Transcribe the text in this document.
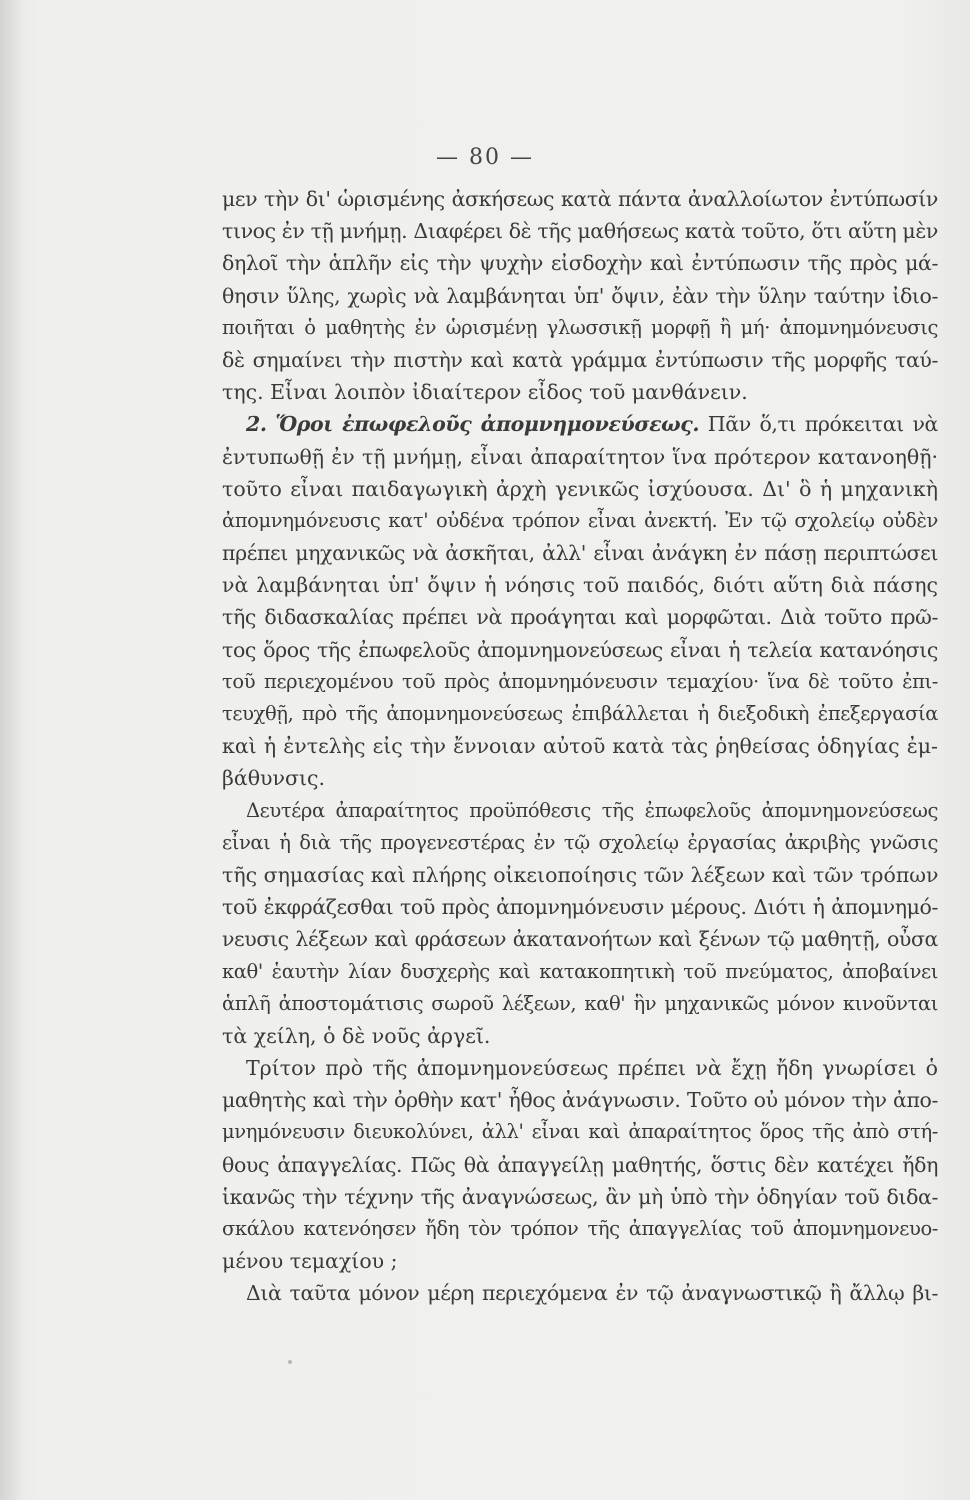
— 80 —
μεν τὴν δι' ὡρισμένης ἀσκήσεως κατὰ πάντα ἀναλλοίωτον ἐντύπωσίν
τινος ἐν τῇ μνήμῃ. Διαφέρει δὲ τῆς μαθήσεως κατὰ τοῦτο, ὅτι αὕτη μὲν
δηλοῖ τὴν ἁπλῆν εἰς τὴν ψυχὴν εἰσδοχὴν καὶ ἐντύπωσιν τῆς πρὸς μά-
θησιν ὕλης, χωρὶς νὰ λαμβάνηται ὑπ' ὄψιν, ἐὰν τὴν ὕλην ταύτην ἰδιο-
ποιῆται ὁ μαθητὴς ἐν ὡρισμένῃ γλωσσικῇ μορφῇ ἢ μή· ἀπομνημόνευσις
δὲ σημαίνει τὴν πιστὴν καὶ κατὰ γράμμα ἐντύπωσιν τῆς μορφῆς ταύ-
της. Εἶναι λοιπὸν ἰδιαίτερον εἶδος τοῦ μανθάνειν.
2. Ὅροι ἐπωφελοῦς ἀπομνημονεύσεως. Πᾶν ὅ,τι πρόκειται νὰ
ἐντυπωθῇ ἐν τῇ μνήμῃ, εἶναι ἀπαραίτητον ἵνα πρότερον κατανοηθῇ·
τοῦτο εἶναι παιδαγωγικὴ ἀρχὴ γενικῶς ἰσχύουσα. Δι' ὃ ἡ μηχανικὴ
ἀπομνημόνευσις κατ' οὐδένα τρόπον εἶναι ἀνεκτή. Ἐν τῷ σχολείῳ οὐδὲν
πρέπει μηχανικῶς νὰ ἀσκῆται, ἀλλ' εἶναι ἀνάγκη ἐν πάσῃ περιπτώσει
νὰ λαμβάνηται ὑπ' ὄψιν ἡ νόησις τοῦ παιδός, διότι αὕτη διὰ πάσης
τῆς διδασκαλίας πρέπει νὰ προάγηται καὶ μορφῶται. Διὰ τοῦτο πρῶ-
τος ὅρος τῆς ἐπωφελοῦς ἀπομνημονεύσεως εἶναι ἡ τελεία κατανόησις
τοῦ περιεχομένου τοῦ πρὸς ἀπομνημόνευσιν τεμαχίου· ἵνα δὲ τοῦτο ἐπι-
τευχθῇ, πρὸ τῆς ἀπομνημονεύσεως ἐπιβάλλεται ἡ διεξοδικὴ ἐπεξεργασία
καὶ ἡ ἐντελὴς εἰς τὴν ἔννοιαν αὐτοῦ κατὰ τὰς ῥηθείσας ὁδηγίας ἐμ-
βάθυνσις.
Δευτέρα ἀπαραίτητος προϋπόθεσις τῆς ἐπωφελοῦς ἀπομνημονεύσεως
εἶναι ἡ διὰ τῆς προγενεστέρας ἐν τῷ σχολείῳ ἐργασίας ἀκριβὴς γνῶσις
τῆς σημασίας καὶ πλήρης οἰκειοποίησις τῶν λέξεων καὶ τῶν τρόπων
τοῦ ἐκφράζεσθαι τοῦ πρὸς ἀπομνημόνευσιν μέρους. Διότι ἡ ἀπομνημό-
νευσις λέξεων καὶ φράσεων ἀκατανοήτων καὶ ξένων τῷ μαθητῇ, οὖσα
καθ' ἑαυτὴν λίαν δυσχερὴς καὶ κατακοπητικὴ τοῦ πνεύματος, ἀποβαίνει
ἁπλῆ ἀποστομάτισις σωροῦ λέξεων, καθ' ἣν μηχανικῶς μόνον κινοῦνται
τὰ χείλη, ὁ δὲ νοῦς ἀργεῖ.
Τρίτον πρὸ τῆς ἀπομνημονεύσεως πρέπει νὰ ἔχῃ ἤδη γνωρίσει ὁ
μαθητὴς καὶ τὴν ὀρθὴν κατ' ἦθος ἀνάγνωσιν. Τοῦτο οὐ μόνον τὴν ἀπο-
μνημόνευσιν διευκολύνει, ἀλλ' εἶναι καὶ ἀπαραίτητος ὅρος τῆς ἀπὸ στή-
θους ἀπαγγελίας. Πῶς θὰ ἀπαγγείλῃ μαθητής, ὅστις δὲν κατέχει ἤδη
ἱκανῶς τὴν τέχνην τῆς ἀναγνώσεως, ἂν μὴ ὑπὸ τὴν ὁδηγίαν τοῦ διδα-
σκάλου κατενόησεν ἤδη τὸν τρόπον τῆς ἀπαγγελίας τοῦ ἀπομνημονευο-
μένου τεμαχίου ;
Διὰ ταῦτα μόνον μέρη περιεχόμενα ἐν τῷ ἀναγνωστικῷ ἢ ἄλλῳ βι-
